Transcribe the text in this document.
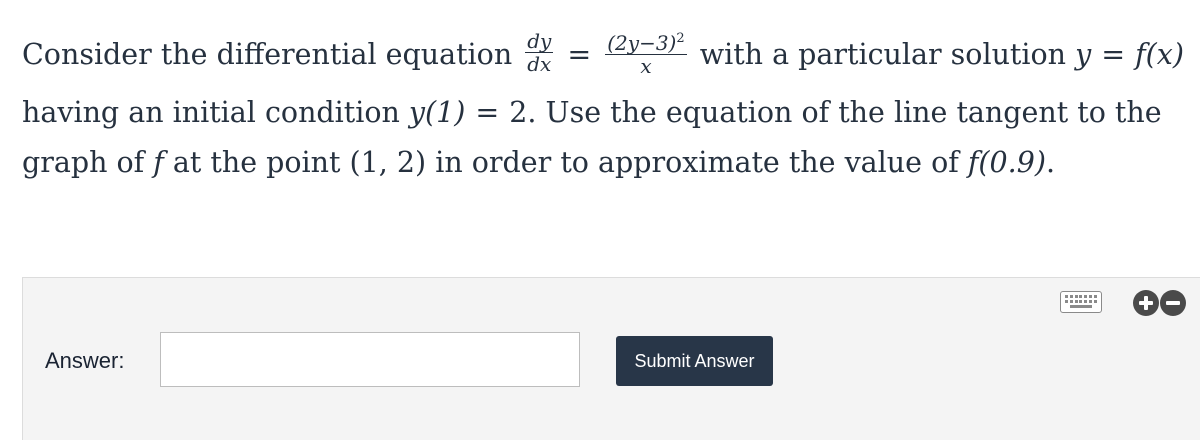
Consider the differential equation $\frac{dy}{dx} = \frac{(2y-3)^2}{x}$ with a particular solution y = f(x)
having an initial condition y(1) = 2. Use the equation of the line tangent to the
graph of f at the point (1, 2) in order to approximate the value of f(0.9).
Answer:	Submit Answer
